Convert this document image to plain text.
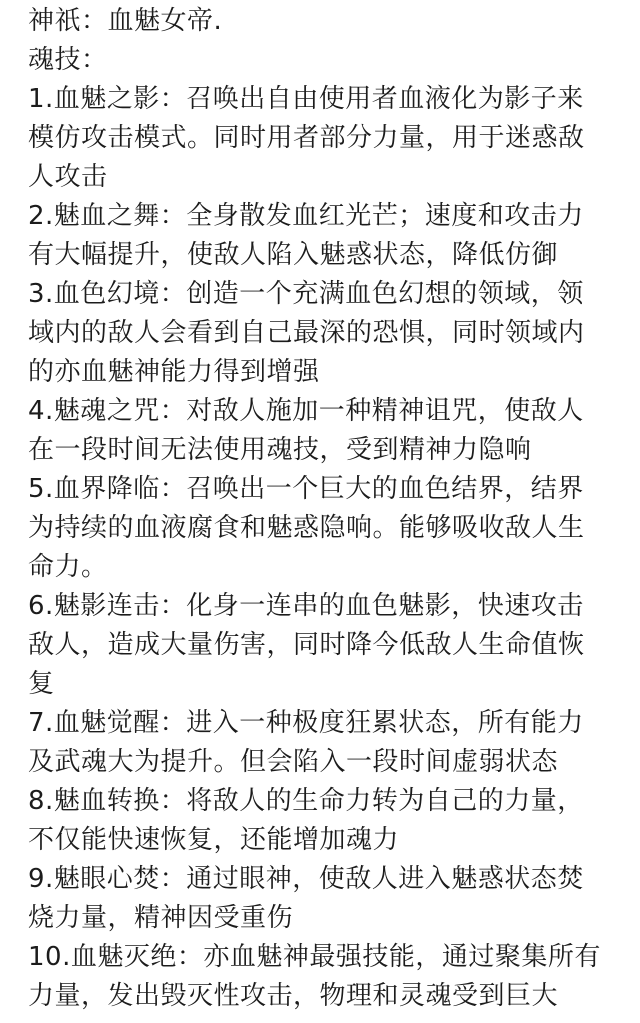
神祇：血魅女帝.

魂技：

1.血魅之影：召唤出自由使用者血液化为影子来

模仿攻击模式。同时用者部分力量，用于迷惑敌

人攻击

2.魅血之舞：全身散发血红光芒；速度和攻击力

有大幅提升，使敌人陷入魅惑状态，降低仿御

3.血色幻境：创造一个充满血色幻想的领域，领

域内的敌人会看到自己最深的恐惧，同时领域内

的亦血魅神能力得到增强

4.魅魂之咒：对敌人施加一种精神诅咒，使敌人

在一段时间无法使用魂技，受到精神力隐响

5.血界降临：召唤出一个巨大的血色结界，结界

为持续的血液腐食和魅惑隐响。能够吸收敌人生

命力。

6.魅影连击：化身一连串的血色魅影，快速攻击

敌人，造成大量伤害，同时降今低敌人生命值恢

复

7.血魅觉醒：进入一种极度狂累状态，所有能力

及武魂大为提升。但会陷入一段时间虚弱状态

8.魅血转换：将敌人的生命力转为自己的力量，

不仅能快速恢复，还能增加魂力

9.魅眼心焚：通过眼神，使敌人进入魅惑状态焚

烧力量，精神因受重伤

10.血魅灭绝：亦血魅神最强技能，通过聚集所有

力量，发出毁灭性攻击，物理和灵魂受到巨大
